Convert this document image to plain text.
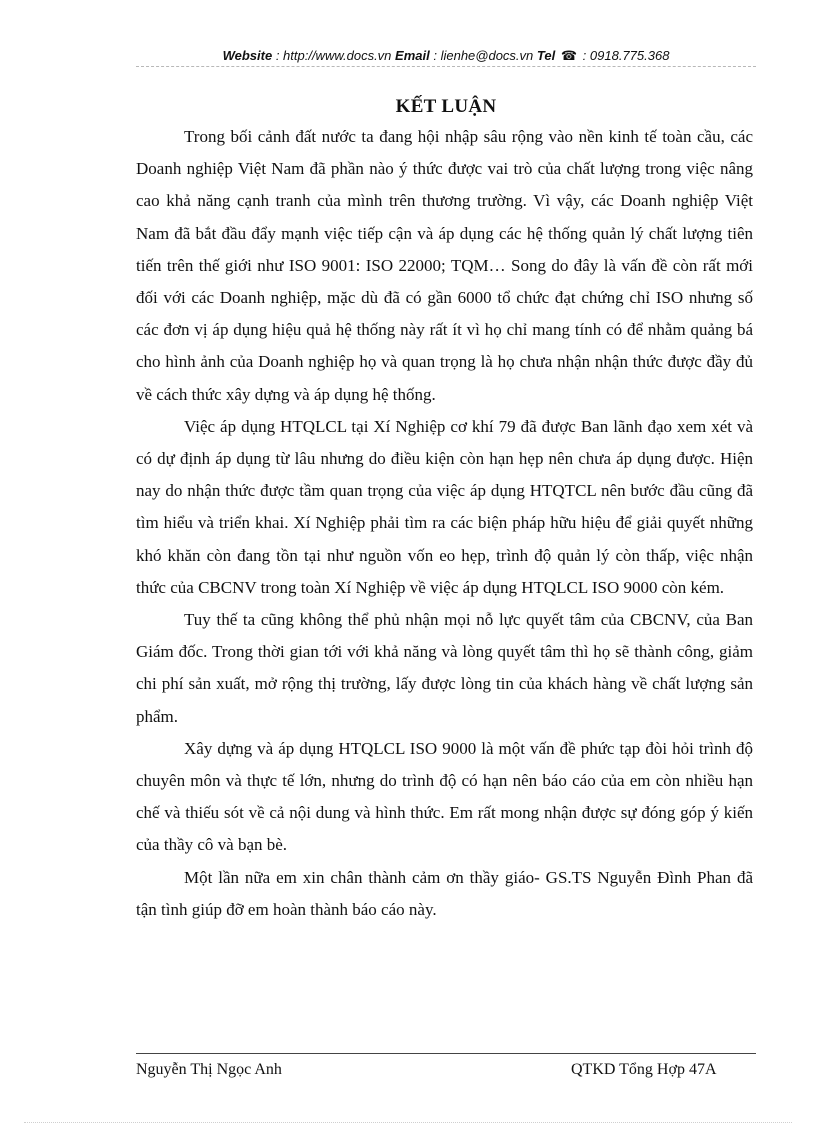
Website : http://www.docs.vn Email : lienhe@docs.vn Tel ☎ : 0918.775.368
KẾT LUẬN

Trong bối cảnh đất nước ta đang hội nhập sâu rộng vào nền kinh tế toàn cầu, các Doanh nghiệp Việt Nam đã phần nào ý thức được vai trò của chất lượng trong việc nâng cao khả năng cạnh tranh của mình trên thương trường. Vì vậy, các Doanh nghiệp Việt Nam đã bắt đầu đẩy mạnh việc tiếp cận và áp dụng các hệ thống quản lý chất lượng tiên tiến trên thế giới như ISO 9001: ISO 22000; TQM… Song do đây là vấn đề còn rất mới đối với các Doanh nghiệp, mặc dù đã có gần 6000 tổ chức đạt chứng chỉ ISO nhưng số các đơn vị áp dụng hiệu quả hệ thống này rất ít vì họ chỉ mang tính có để nhằm quảng bá cho hình ảnh của Doanh nghiệp họ và quan trọng là họ chưa nhận nhận thức được đầy đủ về cách thức xây dựng và áp dụng hệ thống.

Việc áp dụng HTQLCL tại Xí Nghiệp cơ khí 79 đã được Ban lãnh đạo xem xét và có dự định áp dụng từ lâu nhưng do điều kiện còn hạn hẹp nên chưa áp dụng được. Hiện nay do nhận thức được tầm quan trọng của việc áp dụng HTQTCL nên bước đầu cũng đã tìm hiểu và triển khai. Xí Nghiệp phải tìm ra các biện pháp hữu hiệu để giải quyết những khó khăn còn đang tồn tại như nguồn vốn eo hẹp, trình độ quản lý còn thấp, việc nhận thức của CBCNV trong toàn Xí Nghiệp về việc áp dụng HTQLCL ISO 9000 còn kém.

Tuy thế ta cũng không thể phủ nhận mọi nỗ lực quyết tâm của CBCNV, của Ban Giám đốc. Trong thời gian tới với khả năng và lòng quyết tâm thì họ sẽ thành công, giảm chi phí sản xuất, mở rộng thị trường, lấy được lòng tin của khách hàng về chất lượng sản phẩm.

Xây dựng và áp dụng HTQLCL ISO 9000 là một vấn đề phức tạp đòi hỏi trình độ chuyên môn và thực tế lớn, nhưng do trình độ có hạn nên báo cáo của em còn nhiều hạn chế và thiếu sót về cả nội dung và hình thức. Em rất mong nhận được sự đóng góp ý kiến của thầy cô và bạn bè.

Một lần nữa em xin chân thành cảm ơn thầy giáo- GS.TS Nguyễn Đình Phan đã tận tình giúp đỡ em hoàn thành báo cáo này.

Nguyễn Thị Ngọc Anh	QTKD Tổng Hợp 47A
